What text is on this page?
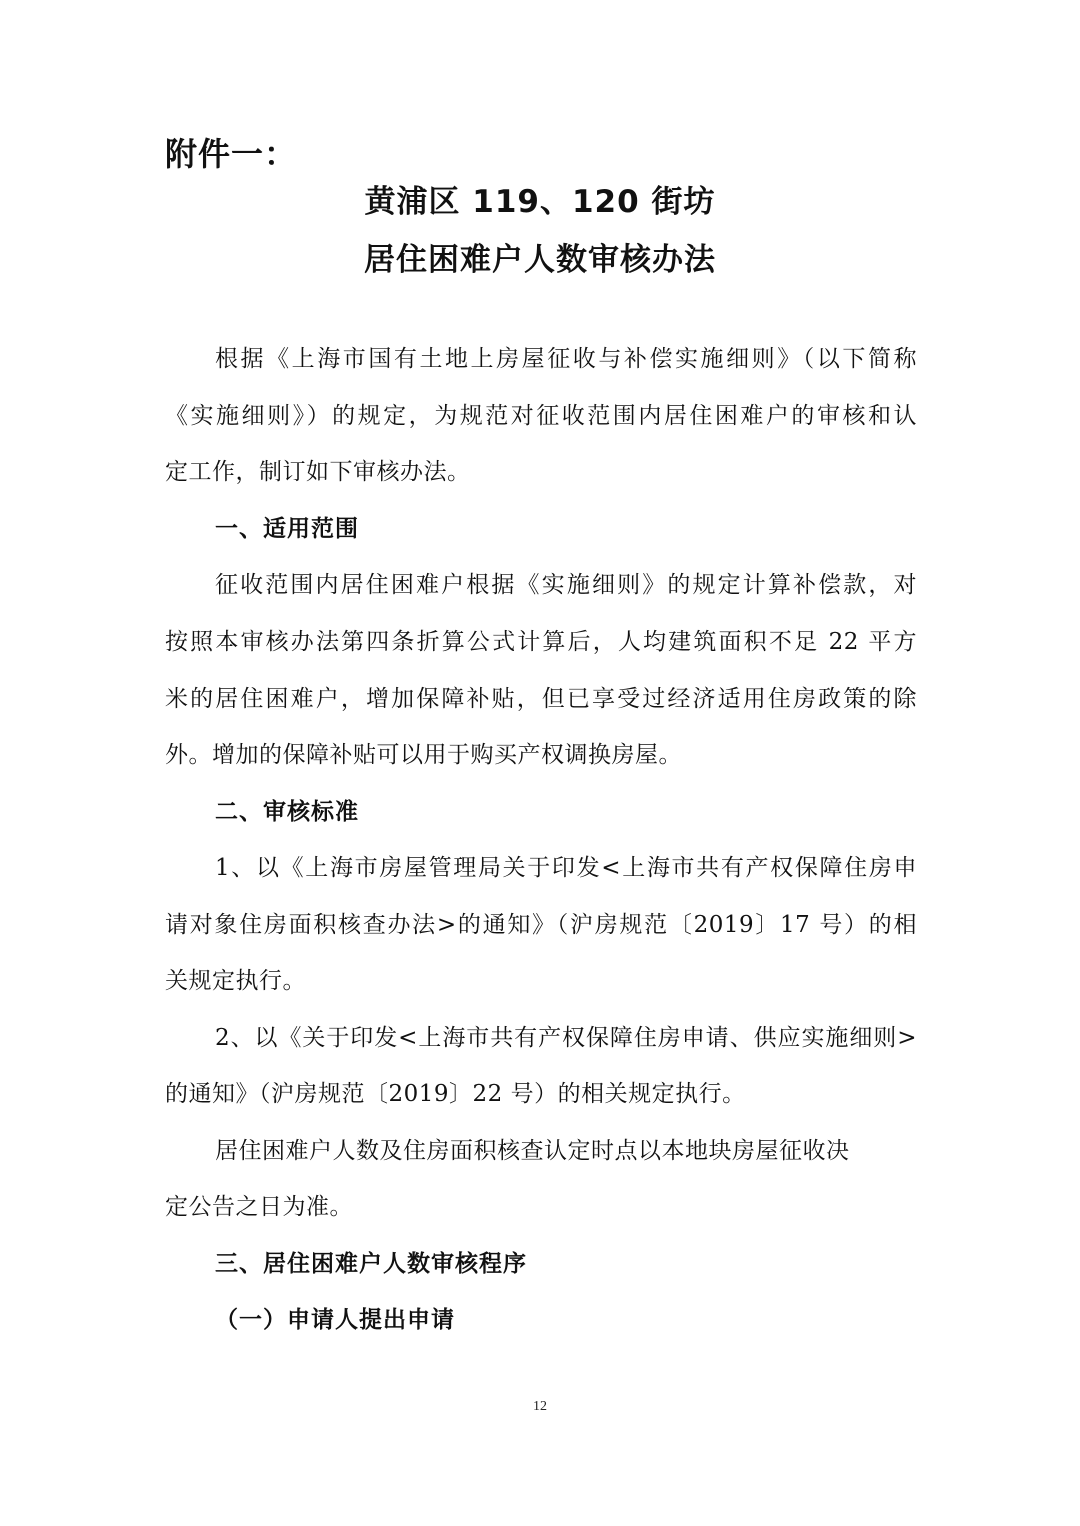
附件一：
黄浦区 119、120 街坊
居住困难户人数审核办法
根据《上海市国有土地上房屋征收与补偿实施细则》（以下简称
《实施细则》）的规定，为规范对征收范围内居住困难户的审核和认
定工作，制订如下审核办法。
一、适用范围
征收范围内居住困难户根据《实施细则》的规定计算补偿款，对
按照本审核办法第四条折算公式计算后，人均建筑面积不足 22 平方
米的居住困难户，增加保障补贴，但已享受过经济适用住房政策的除
外。增加的保障补贴可以用于购买产权调换房屋。
二、审核标准
1、以《上海市房屋管理局关于印发<上海市共有产权保障住房申
请对象住房面积核查办法>的通知》（沪房规范〔2019〕17 号）的相
关规定执行。
2、以《关于印发<上海市共有产权保障住房申请、供应实施细则>
的通知》（沪房规范〔2019〕22 号）的相关规定执行。
居住困难户人数及住房面积核查认定时点以本地块房屋征收决
定公告之日为准。
三、居住困难户人数审核程序
（一）申请人提出申请
12
